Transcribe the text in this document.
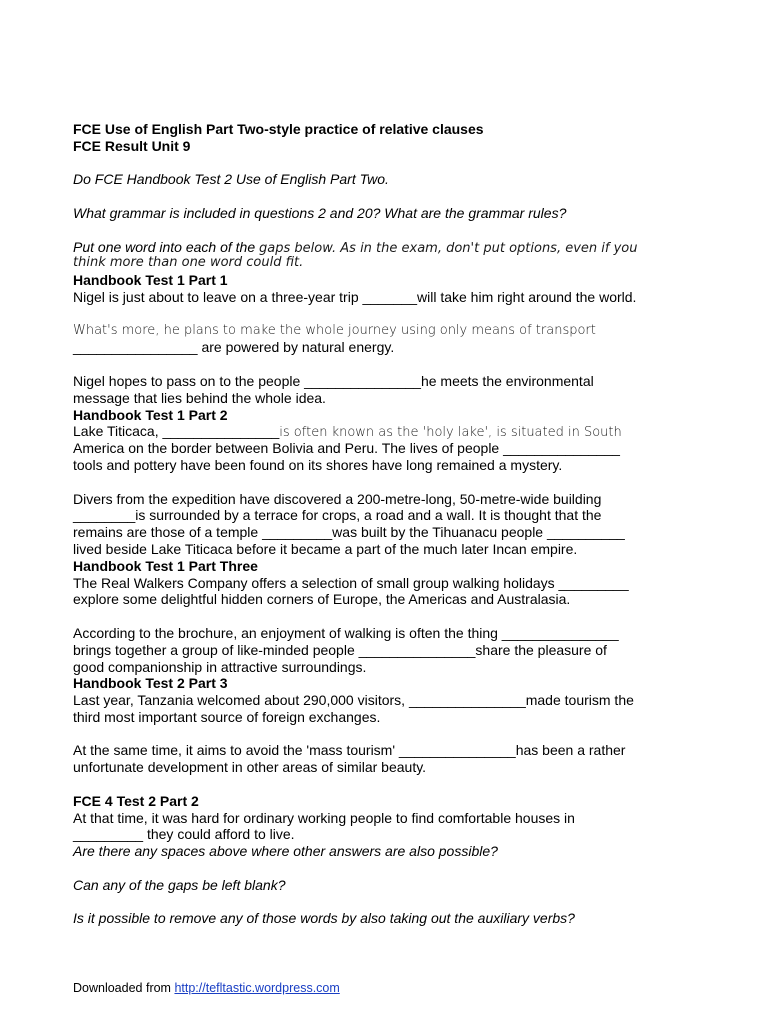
FCE Use of English Part Two-style practice of relative clauses

FCE Result Unit 9

Do FCE Handbook Test 2 Use of English Part Two.

What grammar is included in questions 2 and 20? What are the grammar rules?

Put one word into each of the gaps below. As in the exam, don't put options, even if you

think more than one word could fit.

Handbook Test 1 Part 1

Nigel is just about to leave on a three-year trip _______will take him right around the world.

What's more, he plans to make the whole journey using only means of transport

________________ are powered by natural energy.

Nigel hopes to pass on to the people _______________he meets the environmental

message that lies behind the whole idea.

Handbook Test 1 Part 2

Lake Titicaca, _______________is often known as the 'holy lake', is situated in South

America on the border between Bolivia and Peru. The lives of people _______________

tools and pottery have been found on its shores have long remained a mystery.

Divers from the expedition have discovered a 200-metre-long, 50-metre-wide building

________is surrounded by a terrace for crops, a road and a wall. It is thought that the

remains are those of a temple _________was built by the Tihuanacu people __________

lived beside Lake Titicaca before it became a part of the much later Incan empire.

Handbook Test 1 Part Three

The Real Walkers Company offers a selection of small group walking holidays _________

explore some delightful hidden corners of Europe, the Americas and Australasia.

According to the brochure, an enjoyment of walking is often the thing _______________

brings together a group of like-minded people _______________share the pleasure of

good companionship in attractive surroundings.

Handbook Test 2 Part 3

Last year, Tanzania welcomed about 290,000 visitors, _______________made tourism the

third most important source of foreign exchanges.

At the same time, it aims to avoid the 'mass tourism' _______________has been a rather

unfortunate development in other areas of similar beauty.

FCE 4 Test 2 Part 2

At that time, it was hard for ordinary working people to find comfortable houses in

_________ they could afford to live.

Are there any spaces above where other answers are also possible?

Can any of the gaps be left blank?

Is it possible to remove any of those words by also taking out the auxiliary verbs?

Downloaded from http://tefltastic.wordpress.com
